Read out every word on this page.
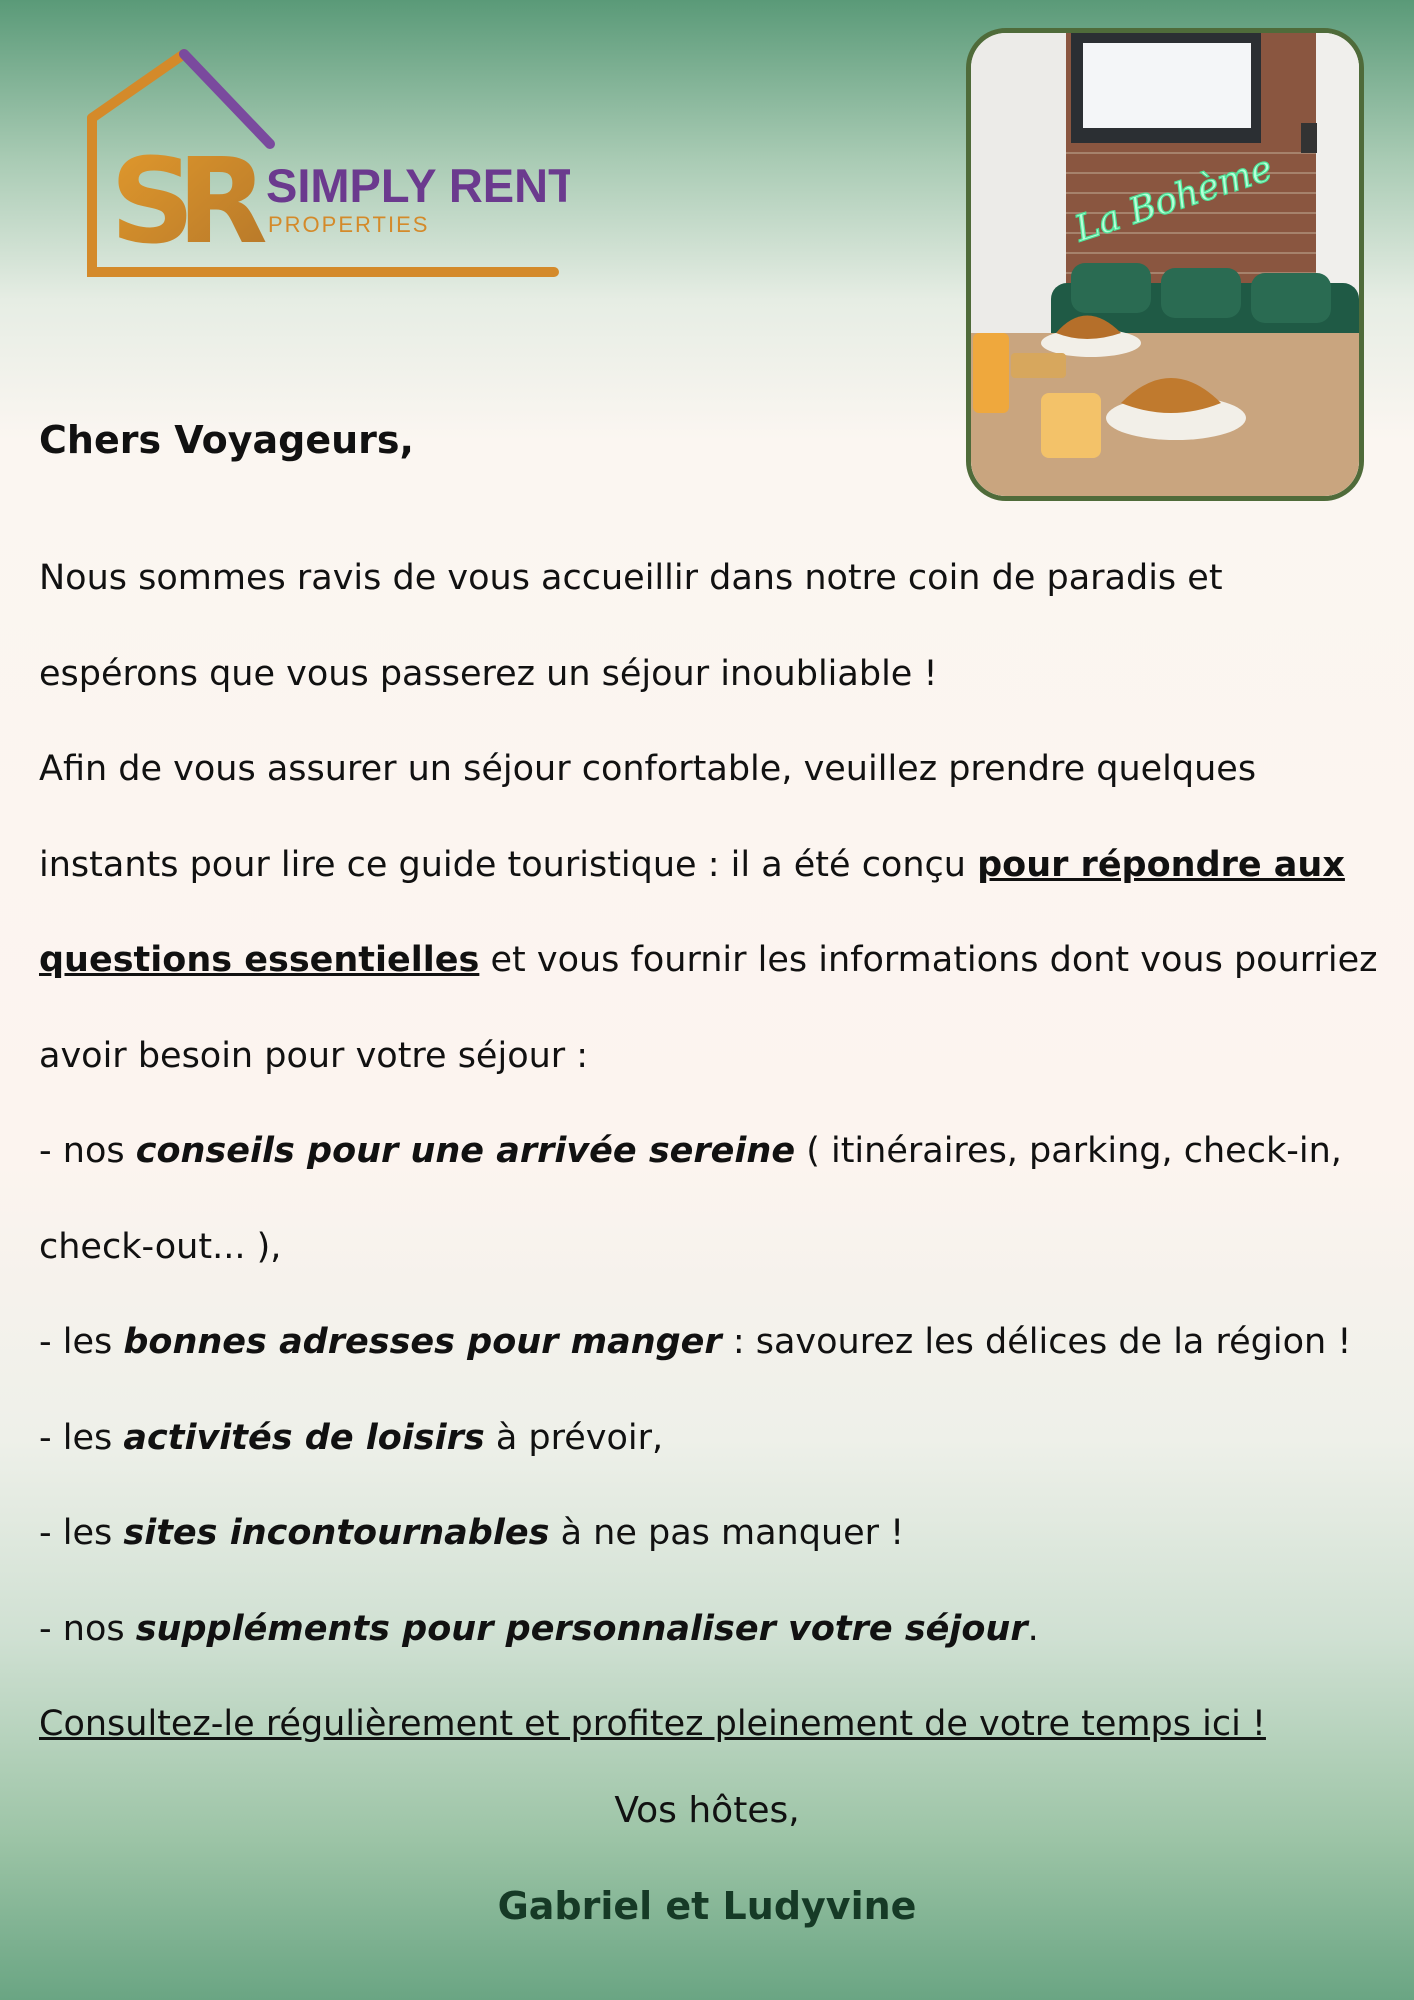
SR SIMPLY RENT
PROPERTIES	La Bohème
Chers Voyageurs,
Nous sommes ravis de vous accueillir dans notre coin de paradis et espérons que vous passerez un séjour inoubliable !
Afin de vous assurer un séjour confortable, veuillez prendre quelques instants pour lire ce guide touristique : il a été conçu pour répondre aux questions essentielles et vous fournir les informations dont vous pourriez avoir besoin pour votre séjour :
- nos conseils pour une arrivée sereine ( itinéraires, parking, check-in, check-out... ),
- les bonnes adresses pour manger : savourez les délices de la région !
- les activités de loisirs à prévoir,
- les sites incontournables à ne pas manquer !
- nos suppléments pour personnaliser votre séjour.
Consultez-le régulièrement et profitez pleinement de votre temps ici !
Vos hôtes,
Gabriel et Ludyvine
